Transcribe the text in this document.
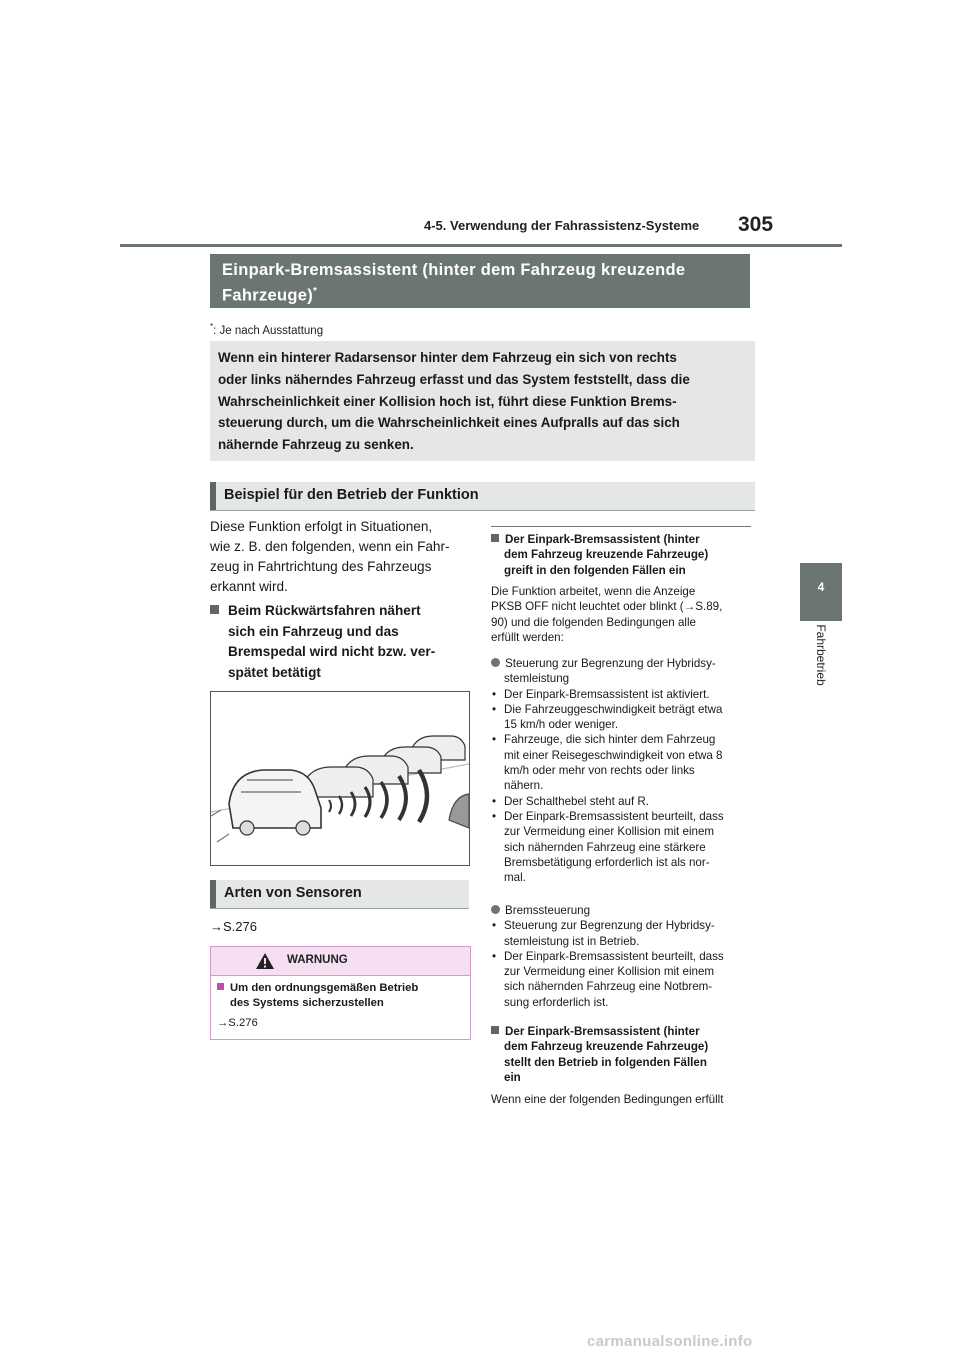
4-5. Verwendung der Fahrassistenz-Systeme 305
4
Fahrbetrieb
Einpark-Bremsassistent (hinter dem Fahrzeug kreuzende Fahrzeuge)*
*: Je nach Ausstattung
Wenn ein hinterer Radarsensor hinter dem Fahrzeug ein sich von rechts
oder links näherndes Fahrzeug erfasst und das System feststellt, dass die
Wahrscheinlichkeit einer Kollision hoch ist, führt diese Funktion Brems-
steuerung durch, um die Wahrscheinlichkeit eines Aufpralls auf das sich
nähernde Fahrzeug zu senken.
Beispiel für den Betrieb der Funktion
Diese Funktion erfolgt in Situationen,
wie z. B. den folgenden, wenn ein Fahr-
zeug in Fahrtrichtung des Fahrzeugs
erkannt wird.
Beim Rückwärtsfahren nähert
sich ein Fahrzeug und das
Bremspedal wird nicht bzw. ver-
spätet betätigt
Arten von Sensoren
→S.276
WARNUNG
Um den ordnungsgemäßen Betrieb
des Systems sicherzustellen
→S.276
Der Einpark-Bremsassistent (hinter
dem Fahrzeug kreuzende Fahrzeuge)
greift in den folgenden Fällen ein
Die Funktion arbeitet, wenn die Anzeige
PKSB OFF nicht leuchtet oder blinkt (→S.89,
90) und die folgenden Bedingungen alle
erfüllt werden:
Steuerung zur Begrenzung der Hybridsy-
stemleistung
• Der Einpark-Bremsassistent ist aktiviert.
• Die Fahrzeuggeschwindigkeit beträgt etwa
15 km/h oder weniger.
• Fahrzeuge, die sich hinter dem Fahrzeug
mit einer Reisegeschwindigkeit von etwa 8
km/h oder mehr von rechts oder links
nähern.
• Der Schalthebel steht auf R.
• Der Einpark-Bremsassistent beurteilt, dass
zur Vermeidung einer Kollision mit einem
sich nähernden Fahrzeug eine stärkere
Bremsbetätigung erforderlich ist als nor-
mal.
Bremssteuerung
• Steuerung zur Begrenzung der Hybridsy-
stemleistung ist in Betrieb.
• Der Einpark-Bremsassistent beurteilt, dass
zur Vermeidung einer Kollision mit einem
sich nähernden Fahrzeug eine Notbrem-
sung erforderlich ist.
Der Einpark-Bremsassistent (hinter
dem Fahrzeug kreuzende Fahrzeuge)
stellt den Betrieb in folgenden Fällen
ein
Wenn eine der folgenden Bedingungen erfüllt
carmanualsonline.info
